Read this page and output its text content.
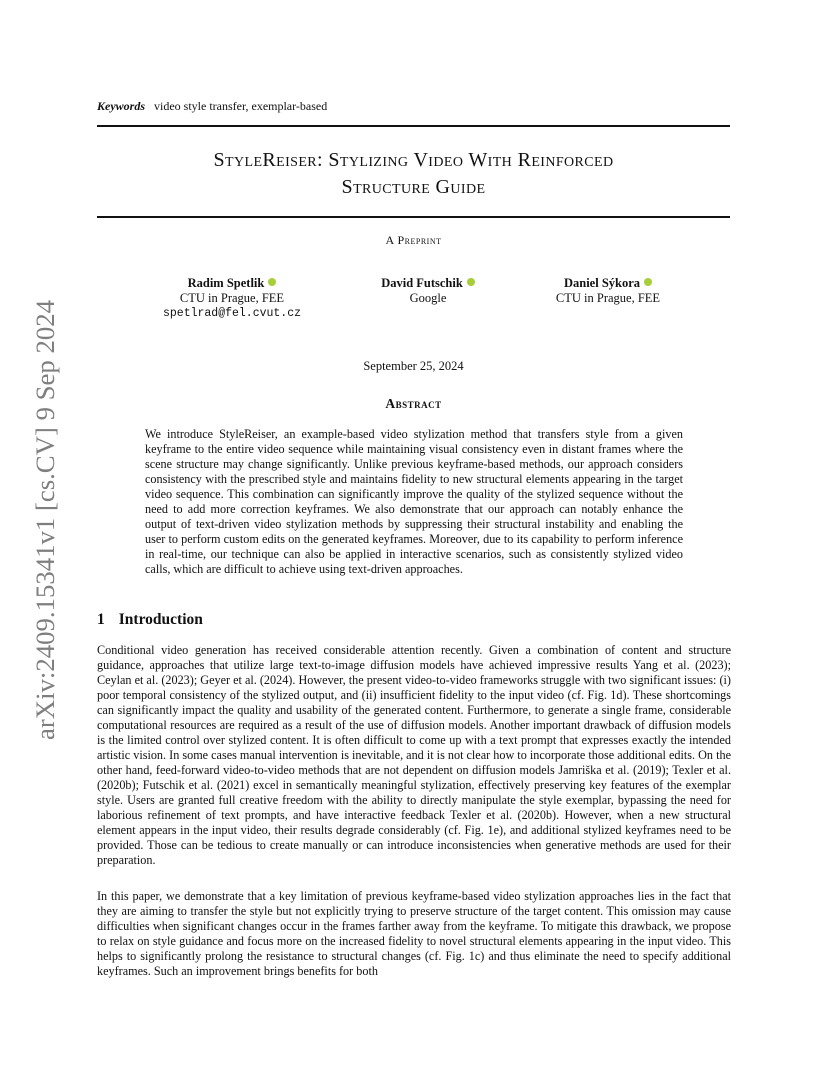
arXiv:2409.15341v1 [cs.CV] 9 Sep 2024
Keywords video style transfer, exemplar-based
StyleReiser: Stylizing Video With Reinforced
Structure Guide
A Preprint
Radim Spetlik
CTU in Prague, FEE
spetlrad@fel.cvut.cz
David Futschik
Google
Daniel Sýkora
CTU in Prague, FEE
September 25, 2024
Abstract

We introduce StyleReiser, an example-based video stylization method that transfers style from a given keyframe to the entire video sequence while maintaining visual consistency even in distant frames where the scene structure may change significantly. Unlike previous keyframe-based methods, our approach considers consistency with the prescribed style and maintains fidelity to new structural elements appearing in the target video sequence. This combination can significantly improve the quality of the stylized sequence without the need to add more correction keyframes. We also demonstrate that our approach can notably enhance the output of text-driven video stylization methods by suppressing their structural instability and enabling the user to perform custom edits on the generated keyframes. Moreover, due to its capability to perform inference in real-time, our technique can also be applied in interactive scenarios, such as consistently stylized video calls, which are difficult to achieve using text-driven approaches.

1 Introduction

Conditional video generation has received considerable attention recently. Given a combination of content and structure guidance, approaches that utilize large text-to-image diffusion models have achieved impressive results Yang et al. (2023); Ceylan et al. (2023); Geyer et al. (2024). However, the present video-to-video frameworks struggle with two significant issues: (i) poor temporal consistency of the stylized output, and (ii) insufficient fidelity to the input video (cf. Fig. 1d). These shortcomings can significantly impact the quality and usability of the generated content. Furthermore, to generate a single frame, considerable computational resources are required as a result of the use of diffusion models. Another important drawback of diffusion models is the limited control over stylized content. It is often difficult to come up with a text prompt that expresses exactly the intended artistic vision. In some cases manual intervention is inevitable, and it is not clear how to incorporate those additional edits. On the other hand, feed-forward video-to-video methods that are not dependent on diffusion models Jamriška et al. (2019); Texler et al. (2020b); Futschik et al. (2021) excel in semantically meaningful stylization, effectively preserving key features of the exemplar style. Users are granted full creative freedom with the ability to directly manipulate the style exemplar, bypassing the need for laborious refinement of text prompts, and have interactive feedback Texler et al. (2020b). However, when a new structural element appears in the input video, their results degrade considerably (cf. Fig. 1e), and additional stylized keyframes need to be provided. Those can be tedious to create manually or can introduce inconsistencies when generative methods are used for their preparation.

In this paper, we demonstrate that a key limitation of previous keyframe-based video stylization approaches lies in the fact that they are aiming to transfer the style but not explicitly trying to preserve structure of the target content. This omission may cause difficulties when significant changes occur in the frames farther away from the keyframe. To mitigate this drawback, we propose to relax on style guidance and focus more on the increased fidelity to novel structural elements appearing in the input video. This helps to significantly prolong the resistance to structural changes (cf. Fig. 1c) and thus eliminate the need to specify additional keyframes. Such an improvement brings benefits for both
